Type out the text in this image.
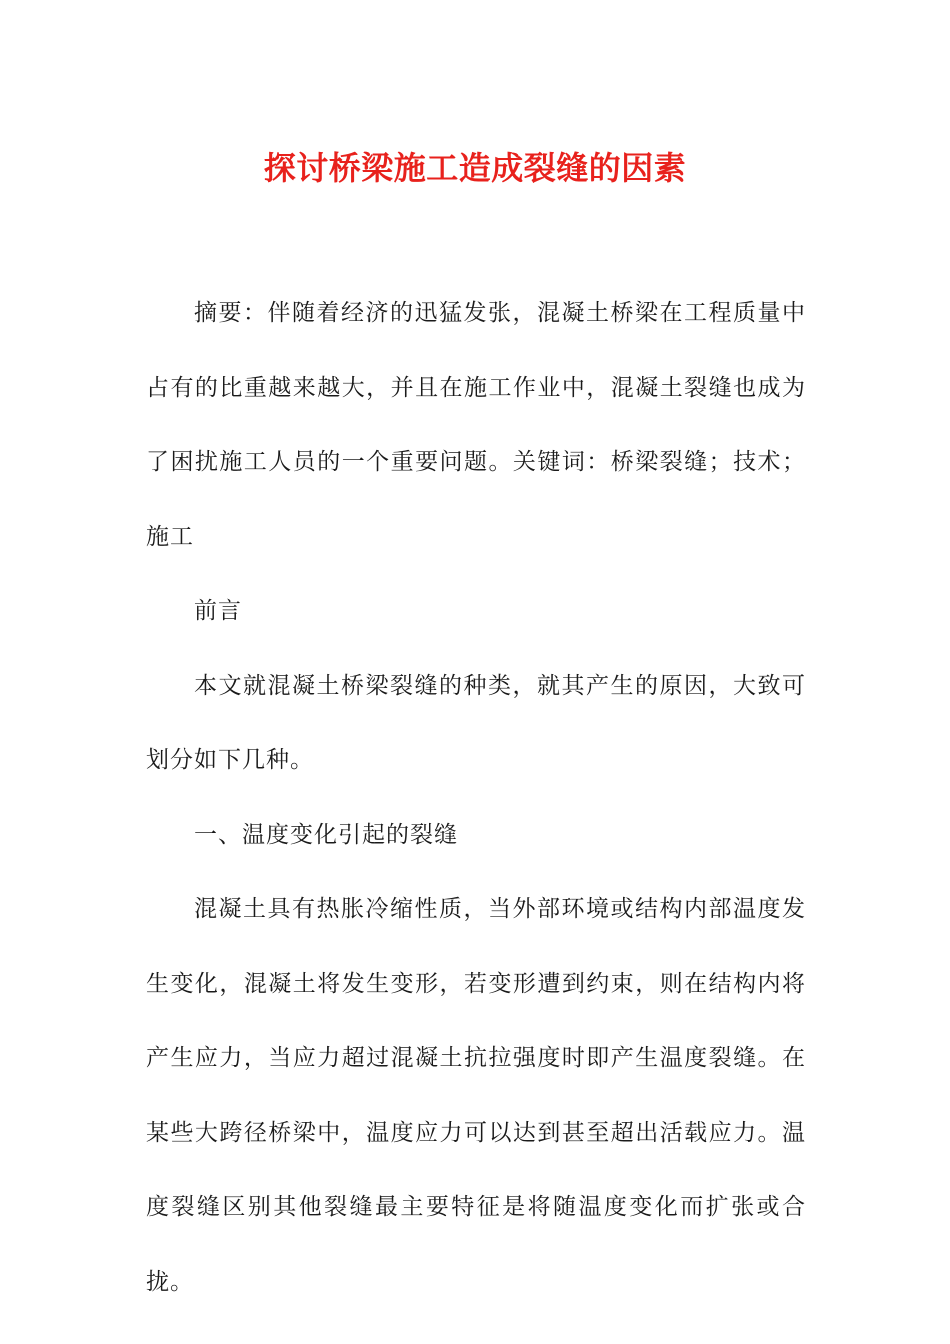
探讨桥梁施工造成裂缝的因素

摘要：伴随着经济的迅猛发张，混凝土桥梁在工程质量中占有的比重越来越大，并且在施工作业中，混凝土裂缝也成为了困扰施工人员的一个重要问题。关键词：桥梁裂缝；技术；施工

前言

本文就混凝土桥梁裂缝的种类，就其产生的原因，大致可划分如下几种。

一、温度变化引起的裂缝

混凝土具有热胀冷缩性质，当外部环境或结构内部温度发生变化，混凝土将发生变形，若变形遭到约束，则在结构内将产生应力，当应力超过混凝土抗拉强度时即产生温度裂缝。在某些大跨径桥梁中，温度应力可以达到甚至超出活载应力。温度裂缝区别其他裂缝最主要特征是将随温度变化而扩张或合拢。
